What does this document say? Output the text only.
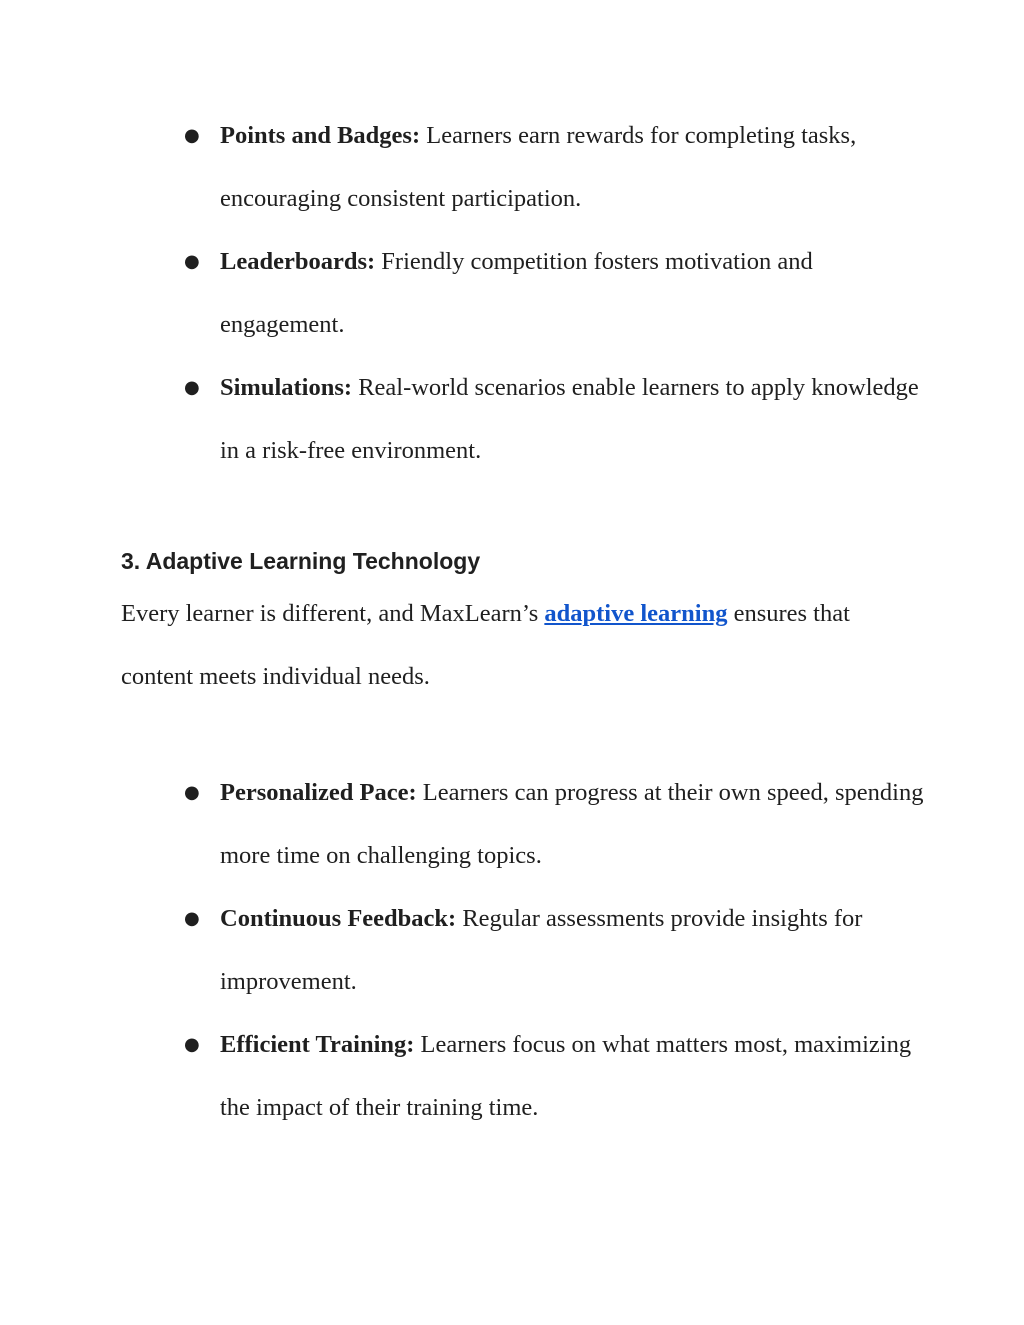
● Points and Badges: Learners earn rewards for completing tasks, encouraging consistent participation.
● Leaderboards: Friendly competition fosters motivation and engagement.
● Simulations: Real-world scenarios enable learners to apply knowledge in a risk-free environment.
3. Adaptive Learning Technology

Every learner is different, and MaxLearn’s adaptive learning ensures that content meets individual needs.

● Personalized Pace: Learners can progress at their own speed, spending more time on challenging topics.
● Continuous Feedback: Regular assessments provide insights for improvement.
● Efficient Training: Learners focus on what matters most, maximizing the impact of their training time.
